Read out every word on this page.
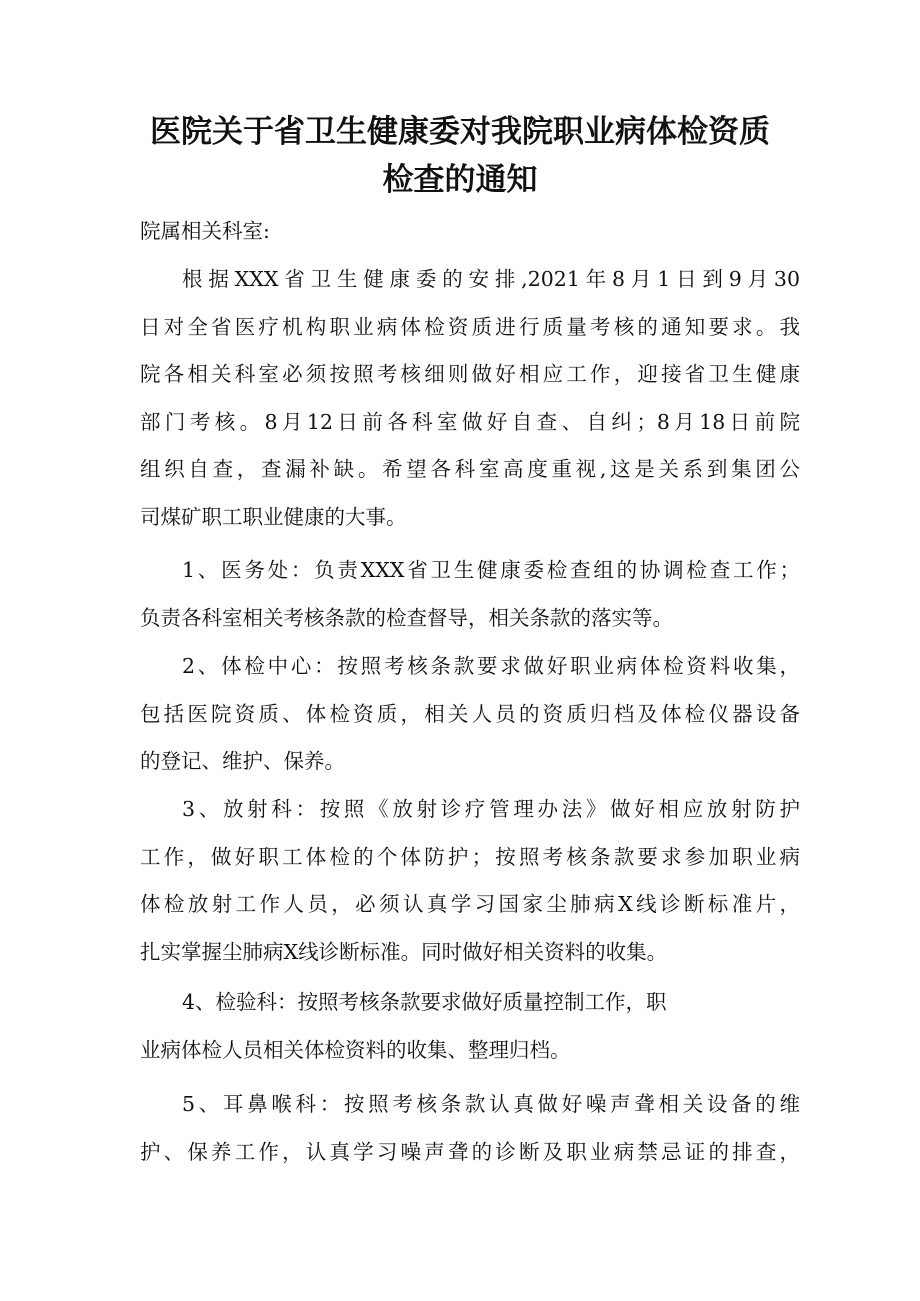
医院关于省卫生健康委对我院职业病体检资质
检查的通知

院属相关科室:

根据XXX省卫生健康委的安排,2021年8月1日到9月30
日对全省医疗机构职业病体检资质进行质量考核的通知要求。我
院各相关科室必须按照考核细则做好相应工作，迎接省卫生健康
部门考核。8月12日前各科室做好自查、自纠；8月18日前院
组织自查，查漏补缺。希望各科室高度重视,这是关系到集团公
司煤矿职工职业健康的大事。
1、医务处：负责XXX省卫生健康委检查组的协调检查工作；
负责各科室相关考核条款的检查督导，相关条款的落实等。
2、体检中心：按照考核条款要求做好职业病体检资料收集，
包括医院资质、体检资质，相关人员的资质归档及体检仪器设备
的登记、维护、保养。
3、放射科：按照《放射诊疗管理办法》做好相应放射防护
工作，做好职工体检的个体防护；按照考核条款要求参加职业病
体检放射工作人员，必须认真学习国家尘肺病X线诊断标准片，
扎实掌握尘肺病X线诊断标准。同时做好相关资料的收集。
4、检验科：按照考核条款要求做好质量控制工作，职
业病体检人员相关体检资料的收集、整理归档。
5、耳鼻喉科：按照考核条款认真做好噪声聋相关设备的维
护、保养工作，认真学习噪声聋的诊断及职业病禁忌证的排查，
